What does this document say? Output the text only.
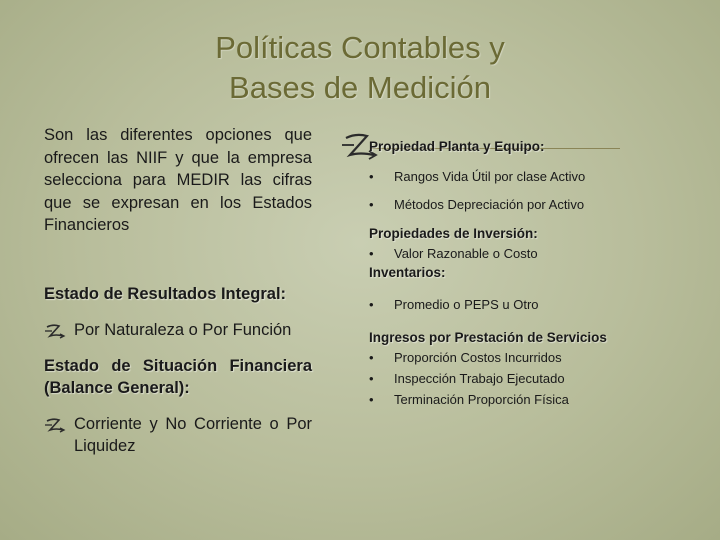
Políticas Contables y
Bases de Medición

Son las diferentes opciones que ofrecen las NIIF y que la empresa selecciona para MEDIR las cifras que se expresan en los Estados Financieros

Estado de Resultados Integral:

Por Naturaleza o Por Función

Estado de Situación Financiera (Balance General):

Corriente y No Corriente o Por Liquidez

Propiedad Planta y Equipo:

• Rangos Vida Útil por clase Activo
• Métodos Depreciación por Activo

Propiedades de Inversión:

• Valor Razonable o Costo

Inventarios:

• Promedio o PEPS u Otro

Ingresos por Prestación de Servicios

• Proporción Costos Incurridos
• Inspección Trabajo Ejecutado
• Terminación Proporción Física
